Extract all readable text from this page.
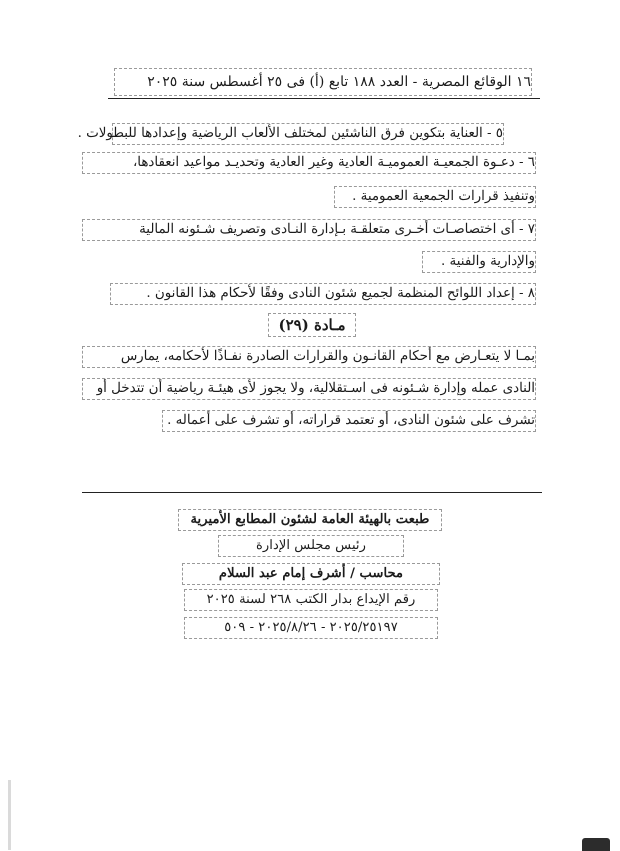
١٦ الوقائع المصرية - العدد ١٨٨ تابع (أ) فى ٢٥ أغسطس سنة ٢٠٢٥
٥ - العناية بتكوين فرق الناشئين لمختلف الألعاب الرياضية وإعدادها للبطولات .
٦ - دعـوة الجمعيـة العموميـة العادية وغير العادية وتحديـد مواعيد انعقادها،
وتنفيذ قرارات الجمعية العمومية .
٧ - أى اختصاصـات أخـرى متعلقـة بـإدارة النـادى وتصريف شـئونه المالية
والإدارية والفنية .
٨ - إعداد اللوائح المنظمة لجميع شئون النادى وفقًا لأحكام هذا القانون .
مـادة (٢٩)
بمـا لا يتعـارض مع أحكام القانـون والقرارات الصادرة نفـاذًا لأحكامه، يمارس
النادى عمله وإدارة شـئونه فى اسـتقلالية، ولا يجوز لأى هيئـة رياضية أن تتدخل أو
تشرف على شئون النادى، أو تعتمد قراراته، أو تشرف على أعماله .
طبعت بالهيئة العامة لشئون المطابع الأميرية
رئيس مجلس الإدارة
محاسب / أشرف إمام عبد السلام
رقم الإيداع بدار الكتب ٢٦٨ لسنة ٢٠٢٥
٢٠٢٥/٢٥١٩٧ - ٢٠٢٥/٨/٢٦ - ٥٠٩
